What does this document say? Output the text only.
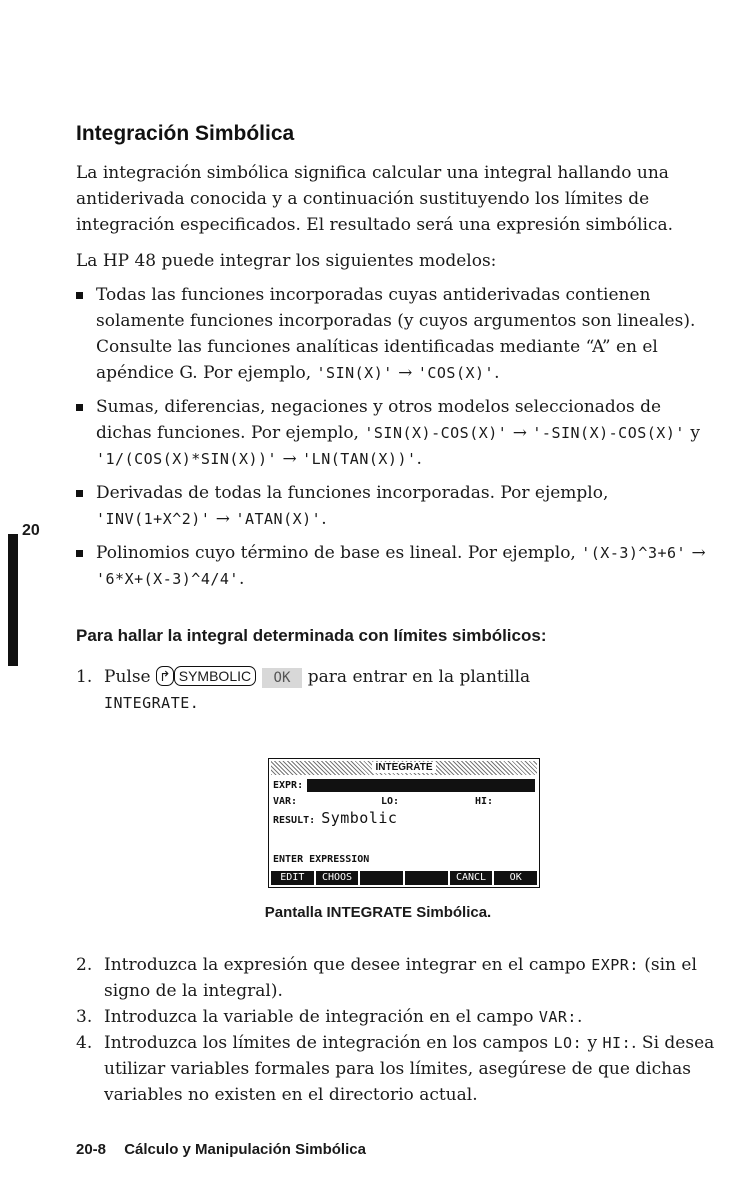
Integración Simbólica

La integración simbólica significa calcular una integral hallando una antiderivada conocida y a continuación sustituyendo los límites de integración especificados. El resultado será una expresión simbólica.

La HP 48 puede integrar los siguientes modelos:

Todas las funciones incorporadas cuyas antiderivadas contienen solamente funciones incorporadas (y cuyos argumentos son lineales). Consulte las funciones analíticas identificadas mediante “A” en el apéndice G. Por ejemplo, 'SIN(X)' → 'COS(X)'.
Sumas, diferencias, negaciones y otros modelos seleccionados de dichas funciones. Por ejemplo, 'SIN(X)-COS(X)' → '-SIN(X)-COS(X)' y '1/(COS(X)*SIN(X))' → 'LN(TAN(X))'.
Derivadas de todas la funciones incorporadas. Por ejemplo, 'INV(1+X^2)' → 'ATAN(X)'.
Polinomios cuyo término de base es lineal. Por ejemplo, '(X-3)^3+6' → '6*X+(X-3)^4/4'.
20
Para hallar la integral determinada con límites simbólicos:
1. Pulse ↱ SYMBOLIC OK para entrar en la plantilla
INTEGRATE.
INTEGRATE
EXPR:
VAR:	LO:	HI:
RESULT: Symbolic
ENTER EXPRESSION
EDIT	CHOOS	CANCL	OK

Pantalla INTEGRATE Simbólica.

2. Introduzca la expresión que desee integrar en el campo EXPR: (sin el signo de la integral).
3. Introduzca la variable de integración en el campo VAR:.
4. Introduzca los límites de integración en los campos LO: y HI:. Si desea utilizar variables formales para los límites, asegúrese de que dichas variables no existen en el directorio actual.

20-8 Cálculo y Manipulación Simbólica
